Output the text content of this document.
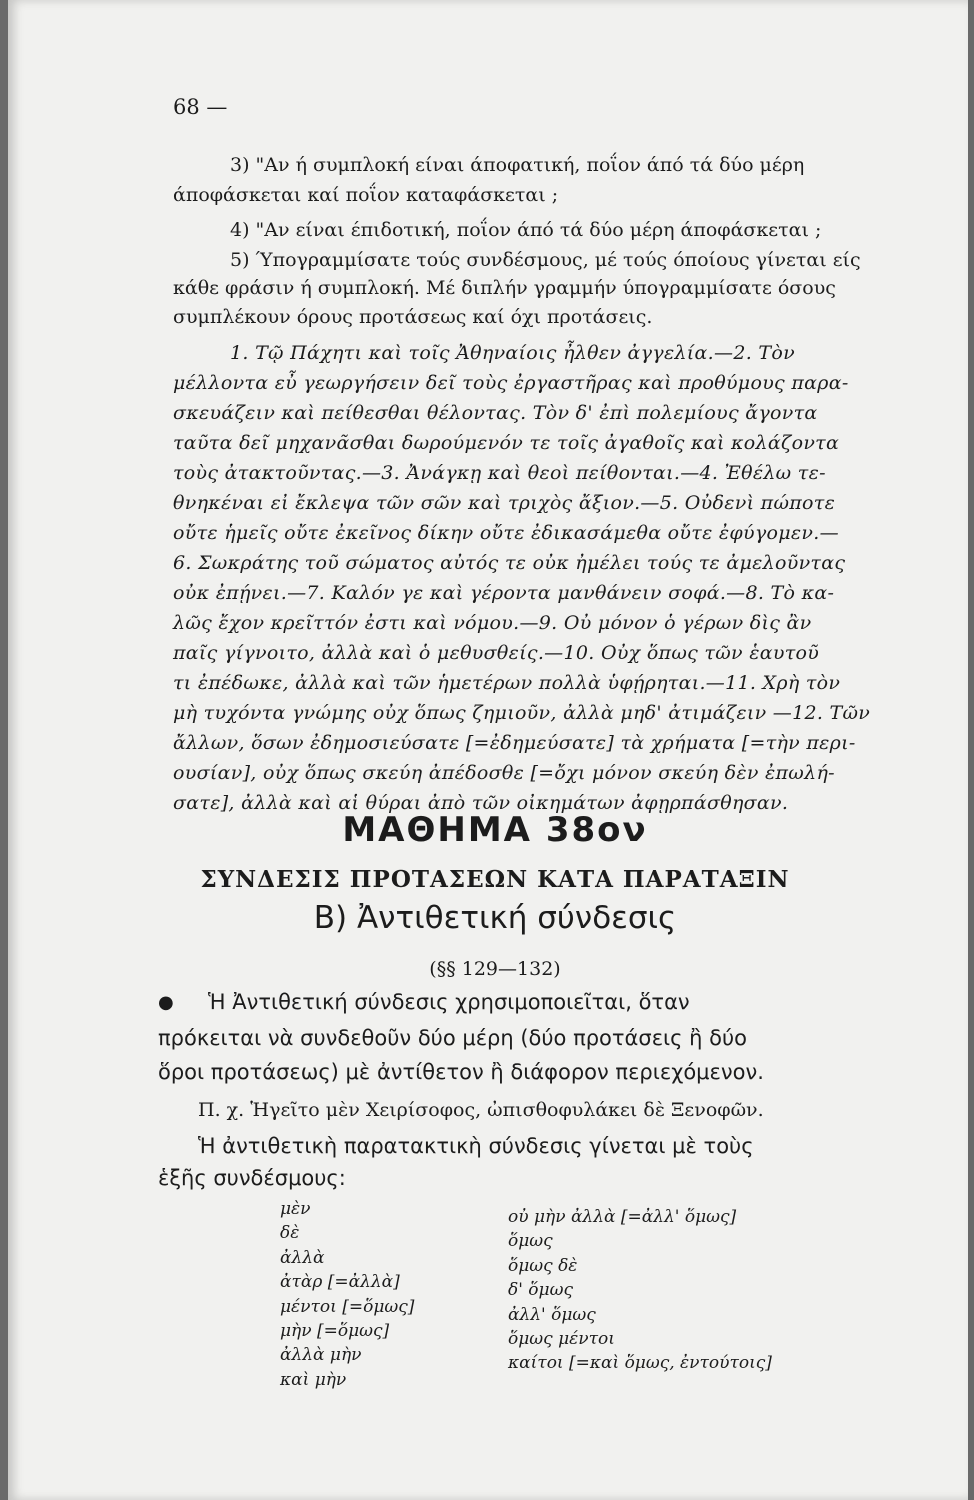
68 —
3) "Αν ή συμπλοκή είναι άποφατική, ποΐον άπό τά δύο μέρη
άποφάσκεται καί ποΐον καταφάσκεται ;
4) "Αν είναι έπιδοτική, ποΐον άπό τά δύο μέρη άποφάσκεται ;
5) Ύπογραμμίσατε τούς συνδέσμους, μέ τούς όποίους γίνεται είς
κάθε φράσιν ή συμπλοκή. Μέ διπλήν γραμμήν ύπογραμμίσατε όσους
συμπλέκουν όρους προτάσεως καί όχι προτάσεις.
1. Τῷ Πάχητι καὶ τοῖς Ἀθηναίοις ἦλθεν ἀγγελία.—2. Τὸν
μέλλοντα εὖ γεωργήσειν δεῖ τοὺς ἐργαστῆρας καὶ προθύμους παρα-
σκευάζειν καὶ πείθεσθαι θέλοντας. Τὸν δ' ἐπὶ πολεμίους ἄγοντα
ταῦτα δεῖ μηχανᾶσθαι δωρούμενόν τε τοῖς ἀγαθοῖς καὶ κολάζοντα
τοὺς ἀτακτοῦντας.—3. Ἀνάγκῃ καὶ θεοὶ πείθονται.—4. Ἐθέλω τε-
θνηκέναι εἰ ἔκλεψα τῶν σῶν καὶ τριχὸς ἄξιον.—5. Οὐδενὶ πώποτε
οὔτε ἡμεῖς οὔτε ἐκεῖνος δίκην οὔτε ἐδικασάμεθα οὔτε ἐφύγομεν.—
6. Σωκράτης τοῦ σώματος αὐτός τε οὐκ ἠμέλει τούς τε ἀμελοῦντας
οὐκ ἐπῄνει.—7. Καλόν γε καὶ γέροντα μανθάνειν σοφά.—8. Τὸ κα-
λῶς ἔχον κρεῖττόν ἐστι καὶ νόμου.—9. Οὐ μόνον ὁ γέρων δὶς ἂν
παῖς γίγνοιτο, ἀλλὰ καὶ ὁ μεθυσθείς.—10. Οὐχ ὅπως τῶν ἑαυτοῦ
τι ἐπέδωκε, ἀλλὰ καὶ τῶν ἡμετέρων πολλὰ ὑφῄρηται.—11. Χρὴ τὸν
μὴ τυχόντα γνώμης οὐχ ὅπως ζημιοῦν, ἀλλὰ μηδ' ἀτιμάζειν —12. Τῶν
ἄλλων, ὅσων ἐδημοσιεύσατε [=ἐδημεύσατε] τὰ χρήματα [=τὴν περι-
ουσίαν], οὐχ ὅπως σκεύη ἀπέδοσθε [=ὄχι μόνον σκεύη δὲν ἐπωλή-
σατε], ἀλλὰ καὶ αἱ θύραι ἀπὸ τῶν οἰκημάτων ἀφῃρπάσθησαν.
ΜΑΘΗΜΑ 38ον
ΣΥΝΔΕΣΙΣ ΠΡΟΤΑΣΕΩΝ ΚΑΤΑ ΠΑΡΑΤΑΞΙΝ
Β) Ἀντιθετική σύνδεσις
(§§ 129—132)
● Ἡ Ἀντιθετική σύνδεσις χρησιμοποιεῖται, ὅταν
πρόκειται νὰ συνδεθοῦν δύο μέρη (δύο προτάσεις ἢ δύο
ὅροι προτάσεως) μὲ ἀντίθετον ἢ διάφορον περιεχόμενον.
Π. χ. Ἡγεῖτο μὲν Χειρίσοφος, ὠπισθοφυλάκει δὲ Ξενοφῶν.
Ἡ ἀντιθετικὴ παρατακτικὴ σύνδεσις γίνεται μὲ τοὺς
ἑξῆς συνδέσμους:
μὲν
δὲ
ἀλλὰ
ἀτὰρ [=ἀλλὰ]
μέντοι [=ὅμως]
μὴν [=ὅμως]
ἀλλὰ μὴν
καὶ μὴν
οὐ μὴν ἀλλὰ [=ἀλλ' ὅμως]
ὅμως
ὅμως δὲ
δ' ὅμως
ἀλλ' ὅμως
ὅμως μέντοι
καίτοι [=καὶ ὅμως, ἐντούτοις]
